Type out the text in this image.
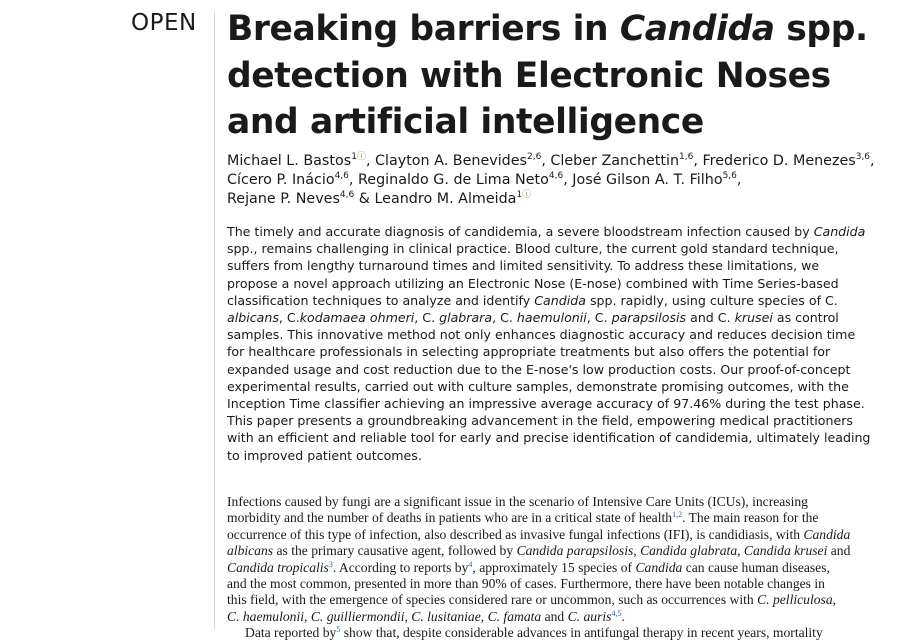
OPEN Breaking barriers in Candida spp.
detection with Electronic Noses
and artificial intelligence
Michael L. Bastos$^{1ⓘ}$, Clayton A. Benevides$^{2,6}$, Cleber Zanchettin$^{1,6}$, Frederico D. Menezes$^{3,6}$,
Cícero P. Inácio$^{4,6}$, Reginaldo G. de Lima Neto$^{4,6}$, José Gilson A. T. Filho$^{5,6}$,
Rejane P. Neves$^{4,6}$ & Leandro M. Almeida$^{1ⓘ}$
The timely and accurate diagnosis of candidemia, a severe bloodstream infection caused by Candida
spp., remains challenging in clinical practice. Blood culture, the current gold standard technique,
suffers from lengthy turnaround times and limited sensitivity. To address these limitations, we
propose a novel approach utilizing an Electronic Nose (E-nose) combined with Time Series-based
classification techniques to analyze and identify Candida spp. rapidly, using culture species of C.
albicans, C.kodamaea ohmeri, C. glabrara, C. haemulonii, C. parapsilosis and C. krusei as control
samples. This innovative method not only enhances diagnostic accuracy and reduces decision time
for healthcare professionals in selecting appropriate treatments but also offers the potential for
expanded usage and cost reduction due to the E-nose's low production costs. Our proof-of-concept
experimental results, carried out with culture samples, demonstrate promising outcomes, with the
Inception Time classifier achieving an impressive average accuracy of 97.46% during the test phase.
This paper presents a groundbreaking advancement in the field, empowering medical practitioners
with an efficient and reliable tool for early and precise identification of candidemia, ultimately leading
to improved patient outcomes.
Infections caused by fungi are a significant issue in the scenario of Intensive Care Units (ICUs), increasing
morbidity and the number of deaths in patients who are in a critical state of health$^{1,2}$. The main reason for the
occurrence of this type of infection, also described as invasive fungal infections (IFI), is candidiasis, with Candida
albicans as the primary causative agent, followed by Candida parapsilosis, Candida glabrata, Candida krusei and
Candida tropicalis$^3$. According to reports $by^4$, approximately 15 species of Candida can cause human diseases,
and the most common, presented in more than 90% of cases. Furthermore, there have been notable changes in
this field, with the emergence of species considered rare or uncommon, such as occurrences with C. pelliculosa,
C. haemulonii, C. guilliermondii, C. lusitaniae, C. famata and C. auris$^{4,5}$.
Data reported $by^5$ show that, despite considerable advances in antifungal therapy in recent years, mortality
